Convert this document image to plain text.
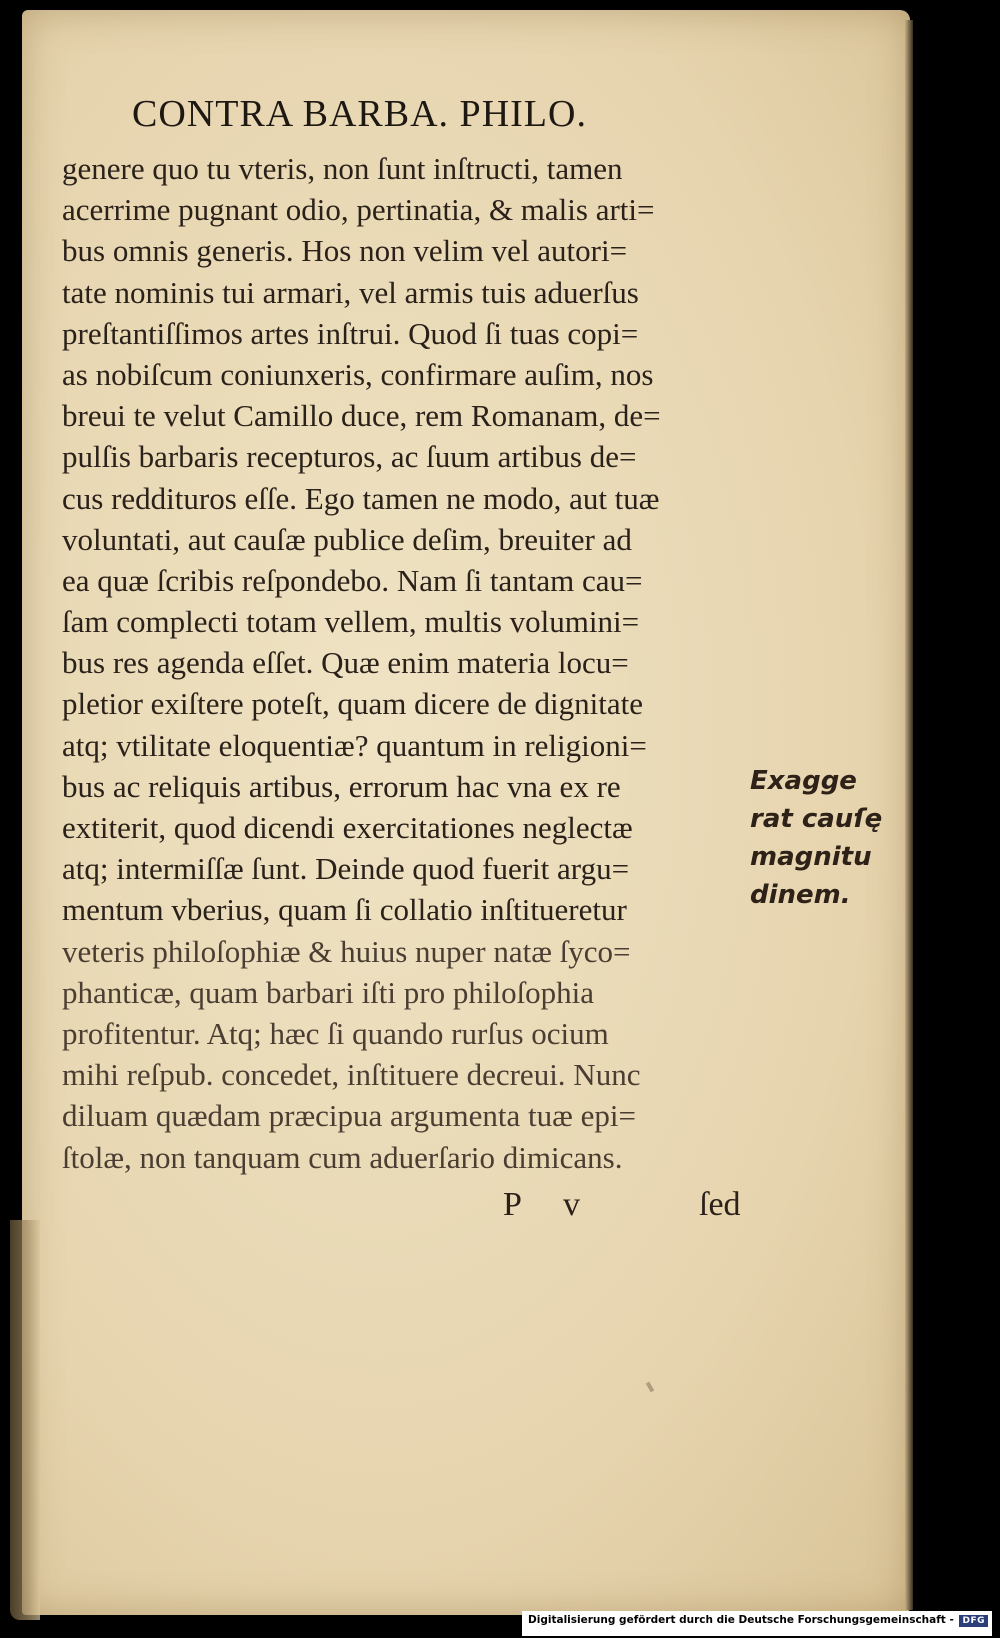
CONTRA BARBA. PHILO.
genere quo tu vteris, non ſunt inſtructi, tamen
acerrime pugnant odio, pertinatia, & malis arti=
bus omnis generis. Hos non velim vel autori=
tate nominis tui armari, vel armis tuis aduerſus
preſtantiſſimos artes inſtrui. Quod ſi tuas copi=
as nobiſcum coniunxeris, confirmare auſim, nos
breui te velut Camillo duce, rem Romanam, de=
pulſis barbaris recepturos, ac ſuum artibus de=
cus reddituros eſſe. Ego tamen ne modo, aut tuæ
voluntati, aut cauſæ publice deſim, breuiter ad
ea quæ ſcribis reſpondebo. Nam ſi tantam cau=
ſam complecti totam vellem, multis volumini=
bus res agenda eſſet. Quæ enim materia locu=
pletior exiſtere poteſt, quam dicere de dignitate
atq; vtilitate eloquentiæ? quantum in religioni=
bus ac reliquis artibus, errorum hac vna ex re
extiterit, quod dicendi exercitationes neglectæ
atq; intermiſſæ ſunt. Deinde quod fuerit argu=
mentum vberius, quam ſi collatio inſtitueretur
veteris philoſophiæ & huius nuper natæ ſyco=
phanticæ, quam barbari iſti pro philoſophia
profitentur. Atq; hæc ſi quando rurſus ocium
mihi reſpub. concedet, inſtituere decreui. Nunc
diluam quædam præcipua argumenta tuæ epi=
ſtolæ, non tanquam cum aduerſario dimicans.
Exagge
rat cauſę
magnitu
dinem.
P v	ſed
Digitalisierung gefördert durch die Deutsche Forschungsgemeinschaft - DFG
